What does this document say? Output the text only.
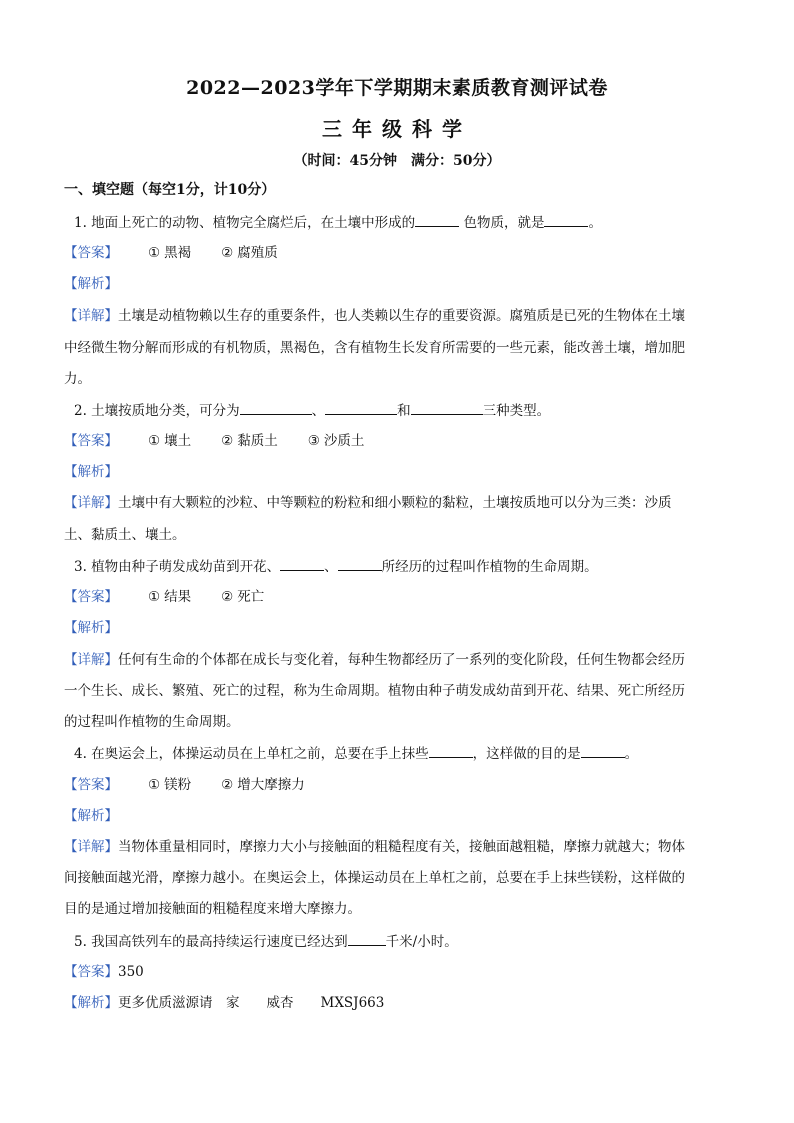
2022—2023学年下学期期末素质教育测评试卷
三年级科学
（时间：45分钟　满分：50分）
一、填空题（每空1分，计10分）
1. 地面上死亡的动物、植物完全腐烂后，在土壤中形成的	色物质，就是	。
【答案】 ① 黑褐 ② 腐殖质
【解析】
【详解】土壤是动植物赖以生存的重要条件，也人类赖以生存的重要资源。腐殖质是已死的生物体在土壤
中经微生物分解而形成的有机物质，黑褐色，含有植物生长发育所需要的一些元素，能改善土壤，增加肥
力。
2. 土壤按质地分类，可分为	、	和	三种类型。
【答案】 ① 壤土 ② 黏质土 ③ 沙质土
【解析】
【详解】土壤中有大颗粒的沙粒、中等颗粒的粉粒和细小颗粒的黏粒，土壤按质地可以分为三类：沙质
土、黏质土、壤土。
3. 植物由种子萌发成幼苗到开花、	、	所经历的过程叫作植物的生命周期。
【答案】 ① 结果 ② 死亡
【解析】
【详解】任何有生命的个体都在成长与变化着，每种生物都经历了一系列的变化阶段，任何生物都会经历
一个生长、成长、繁殖、死亡的过程，称为生命周期。植物由种子萌发成幼苗到开花、结果、死亡所经历
的过程叫作植物的生命周期。
4. 在奥运会上，体操运动员在上单杠之前，总要在手上抹些	，这样做的目的是	。
【答案】 ① 镁粉 ② 增大摩擦力
【解析】
【详解】当物体重量相同时，摩擦力大小与接触面的粗糙程度有关，接触面越粗糙，摩擦力就越大；物体
间接触面越光滑，摩擦力越小。在奥运会上，体操运动员在上单杠之前，总要在手上抹些镁粉，这样做的
目的是通过增加接触面的粗糙程度来增大摩擦力。
5. 我国高铁列车的最高持续运行速度已经达到	千米/小时。
【答案】350
【解析】更多优质滋源请　家　　威杏　　MXSJ663
